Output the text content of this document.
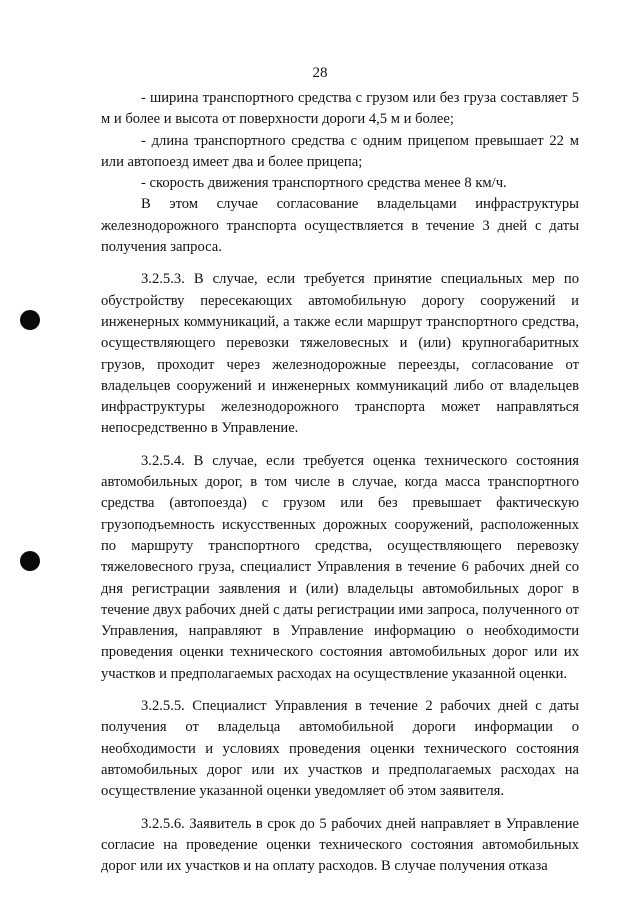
28

- ширина транспортного средства с грузом или без груза составляет 5 м и более и высота от поверхности дороги 4,5 м и более;

- длина транспортного средства с одним прицепом превышает 22 м или автопоезд имеет два и более прицепа;

- скорость движения транспортного средства менее 8 км/ч.

В этом случае согласование владельцами инфраструктуры железнодорожного транспорта осуществляется в течение 3 дней с даты получения запроса.

3.2.5.3. В случае, если требуется принятие специальных мер по обустройству пересекающих автомобильную дорогу сооружений и инженерных коммуникаций, а также если маршрут транспортного средства, осуществляющего перевозки тяжеловесных и (или) крупногабаритных грузов, проходит через железнодорожные переезды, согласование от владельцев сооружений и инженерных коммуникаций либо от владельцев инфраструктуры железнодорожного транспорта может направляться непосредственно в Управление.

3.2.5.4. В случае, если требуется оценка технического состояния автомобильных дорог, в том числе в случае, когда масса транспортного средства (автопоезда) с грузом или без превышает фактическую грузоподъемность искусственных дорожных сооружений, расположенных по маршруту транспортного средства, осуществляющего перевозку тяжеловесного груза, специалист Управления в течение 6 рабочих дней со дня регистрации заявления и (или) владельцы автомобильных дорог в течение двух рабочих дней с даты регистрации ими запроса, полученного от Управления, направляют в Управление информацию о необходимости проведения оценки технического состояния автомобильных дорог или их участков и предполагаемых расходах на осуществление указанной оценки.

3.2.5.5. Специалист Управления в течение 2 рабочих дней с даты получения от владельца автомобильной дороги информации о необходимости и условиях проведения оценки технического состояния автомобильных дорог или их участков и предполагаемых расходах на осуществление указанной оценки уведомляет об этом заявителя.

3.2.5.6. Заявитель в срок до 5 рабочих дней направляет в Управление согласие на проведение оценки технического состояния автомобильных дорог или их участков и на оплату расходов. В случае получения отказа
